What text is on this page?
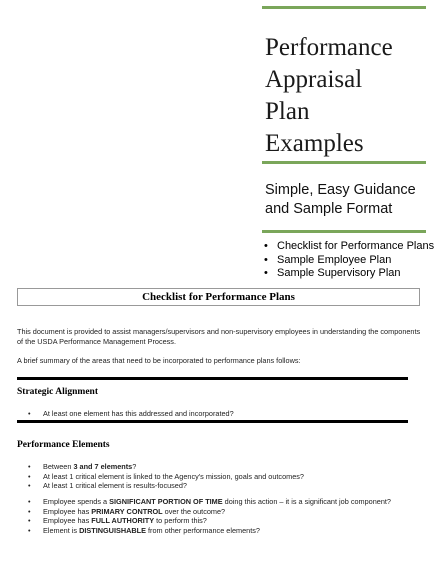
Performance
Appraisal
Plan
Examples
Simple, Easy Guidance
and Sample Format
• Checklist for Performance Plans
• Sample Employee Plan
• Sample Supervisory Plan
Checklist for Performance Plans
This document is provided to assist managers/supervisors and non-supervisory employees in understanding the components of the USDA Performance Management Process.
A brief summary of the areas that need to be incorporated to performance plans follows:
Strategic Alignment
• At least one element has this addressed and incorporated?
Performance Elements
• Between 3 and 7 elements?
• At least 1 critical element is linked to the Agency's mission, goals and outcomes?
• At least 1 critical element is results-focused?
• Employee spends a SIGNIFICANT PORTION OF TIME doing this action – it is a significant job component?
• Employee has PRIMARY CONTROL over the outcome?
• Employee has FULL AUTHORITY to perform this?
• Element is DISTINGUISHABLE from other performance elements?
